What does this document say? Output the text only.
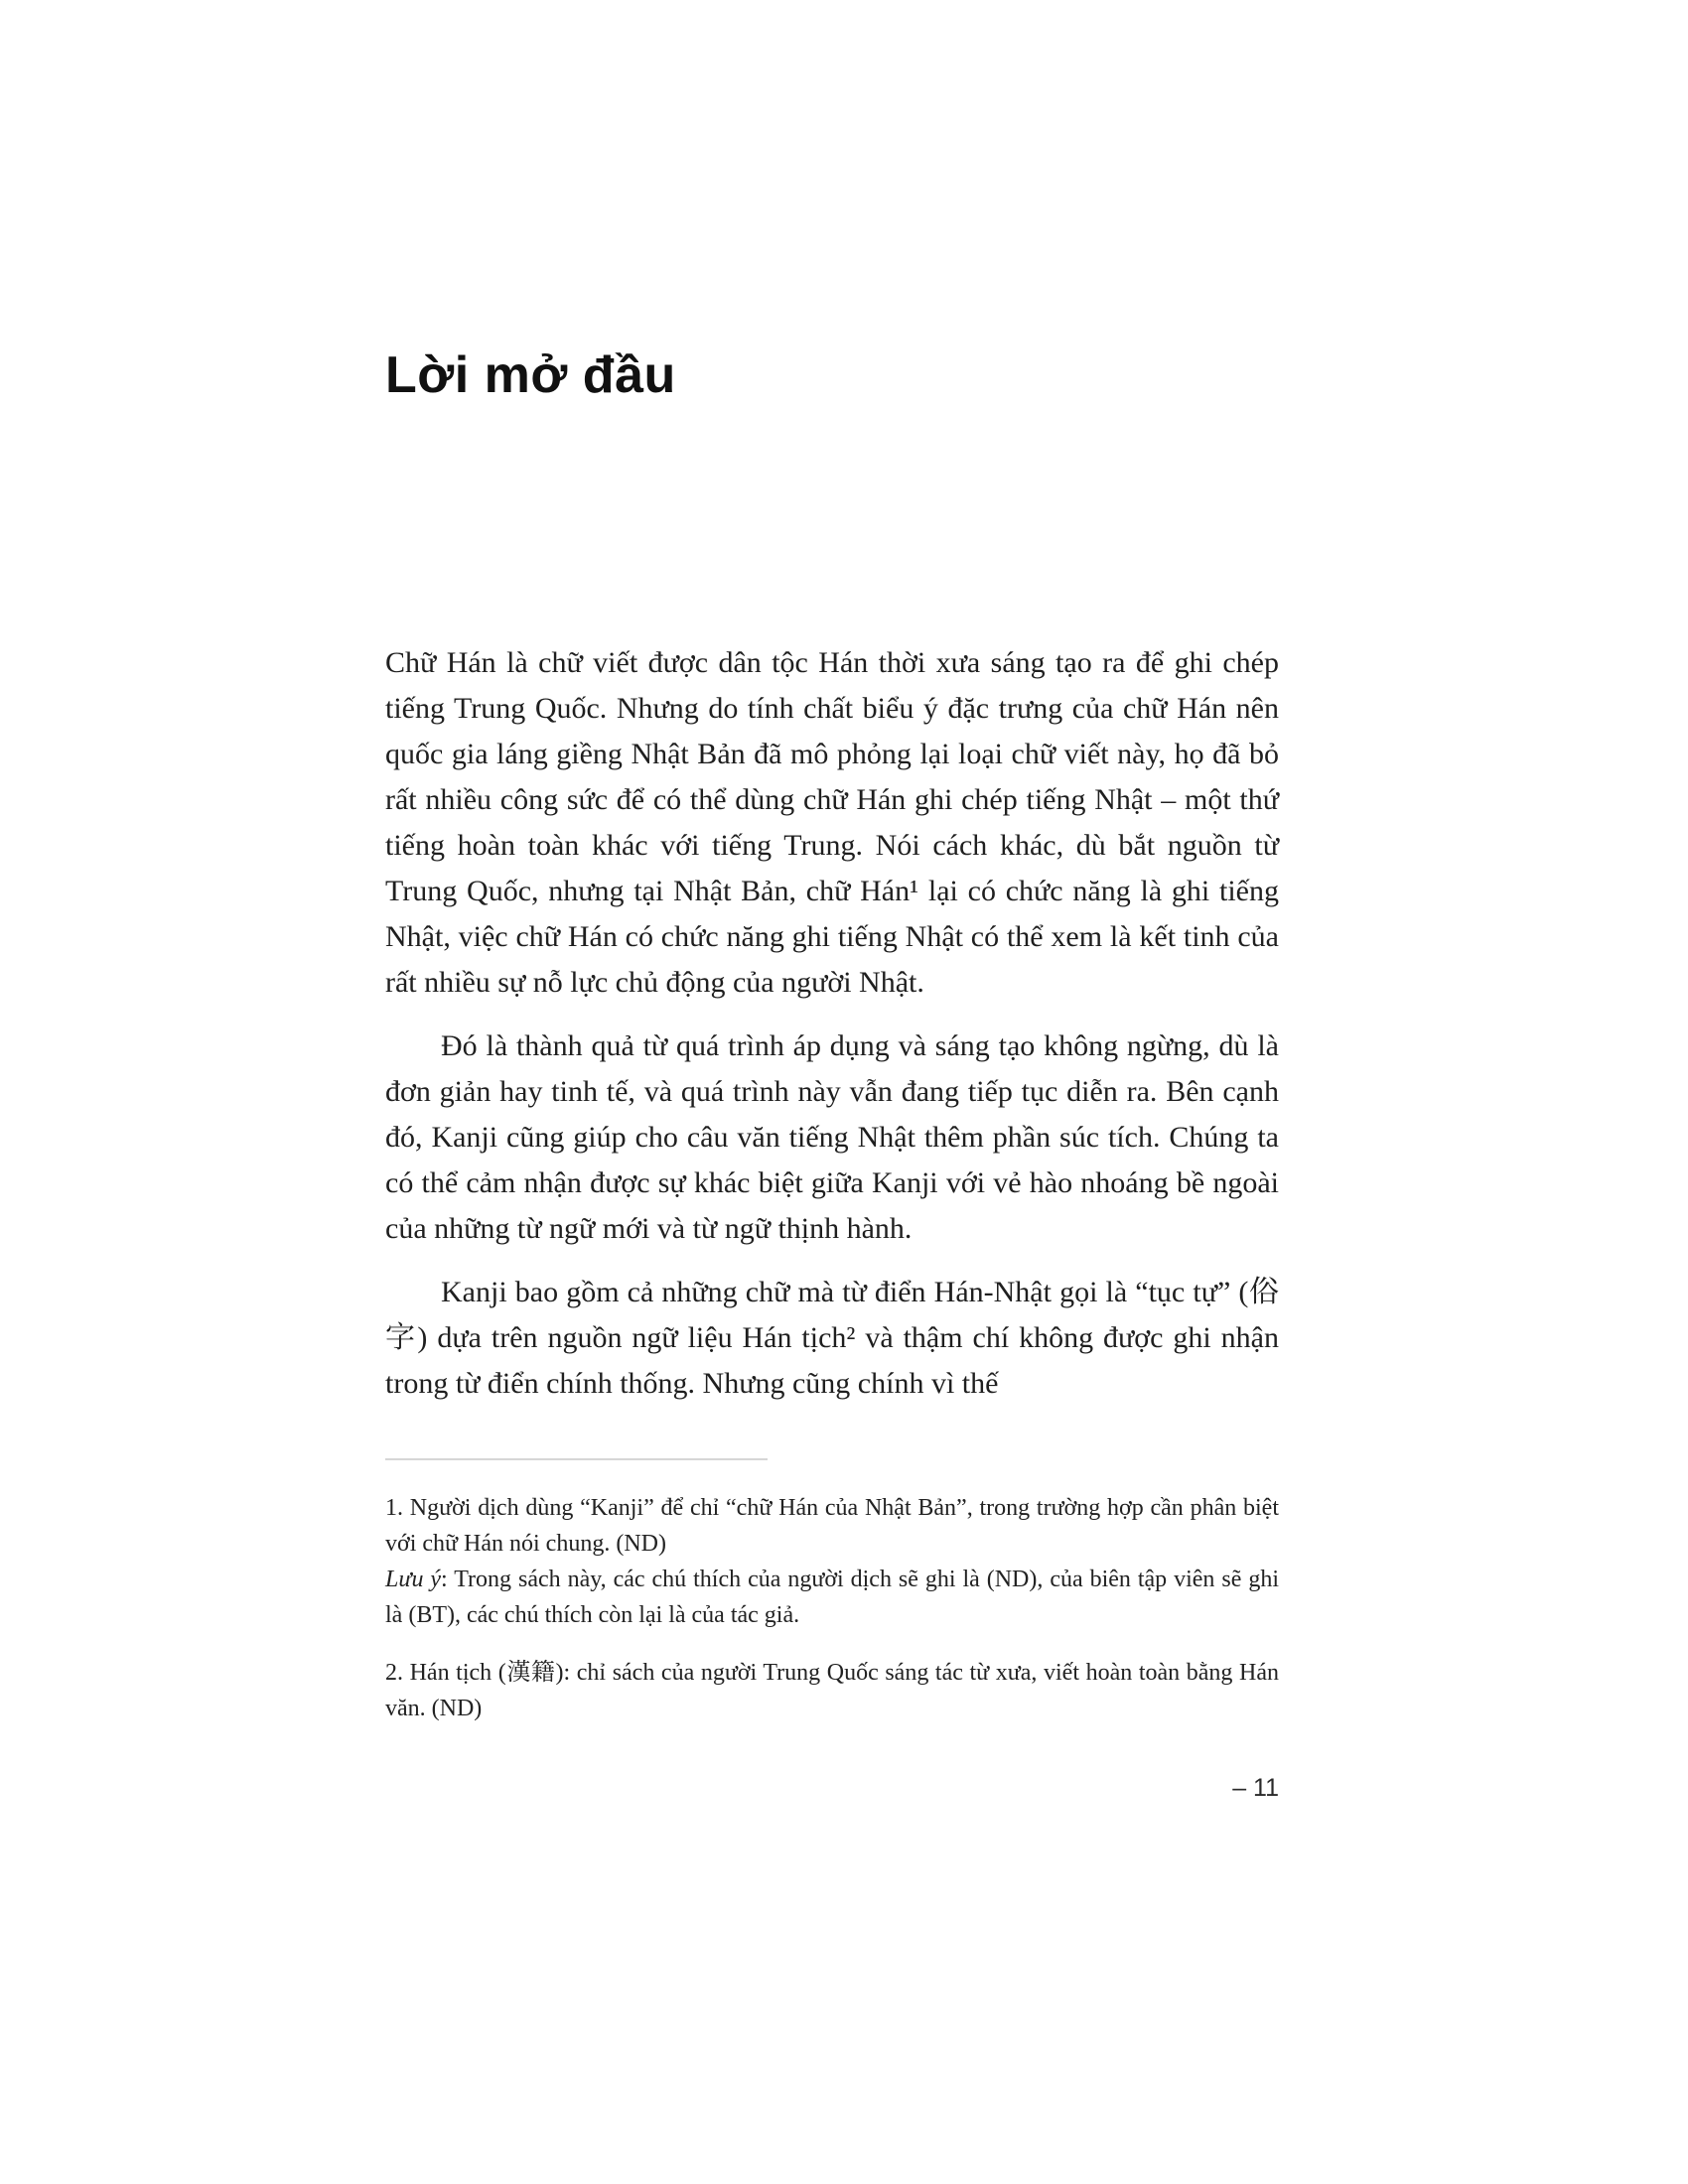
Lời mở đầu

Chữ Hán là chữ viết được dân tộc Hán thời xưa sáng tạo ra để ghi chép tiếng Trung Quốc. Nhưng do tính chất biểu ý đặc trưng của chữ Hán nên quốc gia láng giềng Nhật Bản đã mô phỏng lại loại chữ viết này, họ đã bỏ rất nhiều công sức để có thể dùng chữ Hán ghi chép tiếng Nhật – một thứ tiếng hoàn toàn khác với tiếng Trung. Nói cách khác, dù bắt nguồn từ Trung Quốc, nhưng tại Nhật Bản, chữ Hán¹ lại có chức năng là ghi tiếng Nhật, việc chữ Hán có chức năng ghi tiếng Nhật có thể xem là kết tinh của rất nhiều sự nỗ lực chủ động của người Nhật.

Đó là thành quả từ quá trình áp dụng và sáng tạo không ngừng, dù là đơn giản hay tinh tế, và quá trình này vẫn đang tiếp tục diễn ra. Bên cạnh đó, Kanji cũng giúp cho câu văn tiếng Nhật thêm phần súc tích. Chúng ta có thể cảm nhận được sự khác biệt giữa Kanji với vẻ hào nhoáng bề ngoài của những từ ngữ mới và từ ngữ thịnh hành.

Kanji bao gồm cả những chữ mà từ điển Hán-Nhật gọi là “tục tự” (俗字) dựa trên nguồn ngữ liệu Hán tịch² và thậm chí không được ghi nhận trong từ điển chính thống. Nhưng cũng chính vì thế

1. Người dịch dùng “Kanji” để chỉ “chữ Hán của Nhật Bản”, trong trường hợp cần phân biệt với chữ Hán nói chung. (ND)

Lưu ý: Trong sách này, các chú thích của người dịch sẽ ghi là (ND), của biên tập viên sẽ ghi là (BT), các chú thích còn lại là của tác giả.

2. Hán tịch (漢籍): chỉ sách của người Trung Quốc sáng tác từ xưa, viết hoàn toàn bằng Hán văn. (ND)

– 11
